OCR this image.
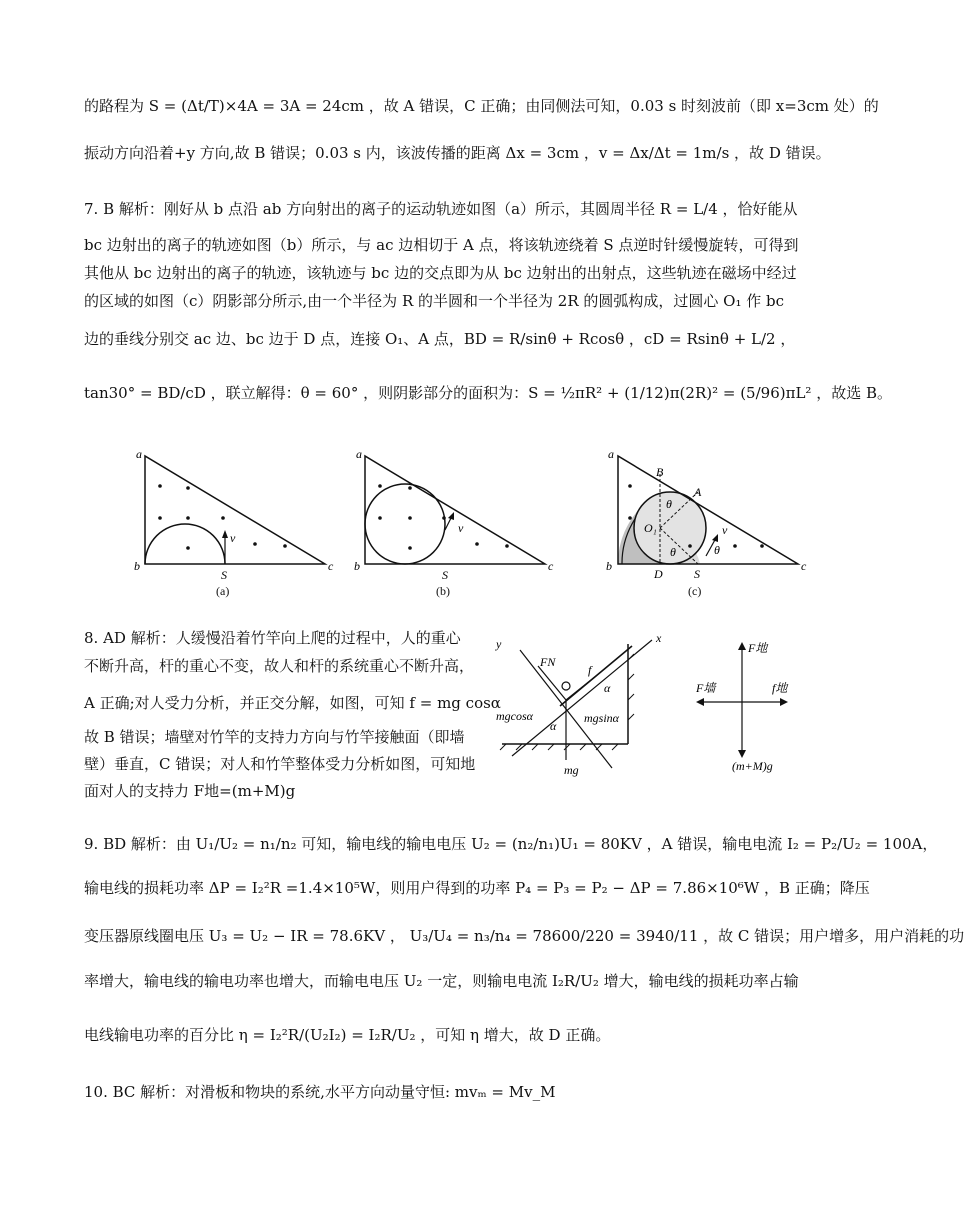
的路程为 S = (Δt/T)×4A = 3A = 24cm ，故 A 错误，C 正确；由同侧法可知，0.03 s 时刻波前（即 x=3cm 处）的
振动方向沿着+y 方向,故 B 错误；0.03 s 内，该波传播的距离 Δx = 3cm ，v = Δx/Δt = 1m/s ，故 D 错误。
7. B 解析：刚好从 b 点沿 ab 方向射出的离子的运动轨迹如图（a）所示，其圆周半径 R = L/4 ，恰好能从
bc 边射出的离子的轨迹如图（b）所示，与 ac 边相切于 A 点，将该轨迹绕着 S 点逆时针缓慢旋转，可得到
其他从 bc 边射出的离子的轨迹，该轨迹与 bc 边的交点即为从 bc 边射出的出射点，这些轨迹在磁场中经过
的区域的如图（c）阴影部分所示,由一个半径为 R 的半圆和一个半径为 2R 的圆弧构成，过圆心 O₁ 作 bc
边的垂线分别交 ac 边、bc 边于 D 点，连接 O₁、A 点，BD = R/sinθ + Rcosθ ，cD = Rsinθ + L/2 ，
tan30° = BD/cD ，联立解得：θ = 60° ，则阴影部分的面积为：S = ½πR² + (1/12)π(2R)² = (5/96)πL² ，故选 B。
a
b	c
S
v
(a)
a
b	c
S
v
(b)
a
b	c
B
A
O₁
D	S
θ
θ	θ
v
(c)
8. AD 解析：人缓慢沿着竹竿向上爬的过程中，人的重心
不断升高，杆的重心不变，故人和杆的系统重心不断升高，
A 正确;对人受力分析，并正交分解，如图，可知 f = mg cosα
故 B 错误；墙壁对竹竿的支持力方向与竹竿接触面（即墙
壁）垂直，C 错误；对人和竹竿整体受力分析如图，可知地
面对人的支持力 F地=(m+M)g
x
y
FN
f
α
α
mgcosα	mgsinα
mg
F地
F墙	f地
(m+M)g
9. BD 解析：由 U₁/U₂ = n₁/n₂ 可知，输电线的输电电压 U₂ = (n₂/n₁)U₁ = 80KV ，A 错误，输电电流 I₂ = P₂/U₂ = 100A，
输电线的损耗功率 ΔP = I₂²R =1.4×10⁵W，则用户得到的功率 P₄ = P₃ = P₂ − ΔP = 7.86×10⁶W ，B 正确；降压
变压器原线圈电压 U₃ = U₂ − IR = 78.6KV ， U₃/U₄ = n₃/n₄ = 78600/220 = 3940/11 ，故 C 错误；用户增多，用户消耗的功
率增大，输电线的输电功率也增大，而输电电压 U₂ 一定，则输电电流 I₂R/U₂ 增大，输电线的损耗功率占输
电线输电功率的百分比 η = I₂²R/(U₂I₂) = I₂R/U₂ ，可知 η 增大，故 D 正确。
10. BC 解析：对滑板和物块的系统,水平方向动量守恒: mvₘ = Mv_M
